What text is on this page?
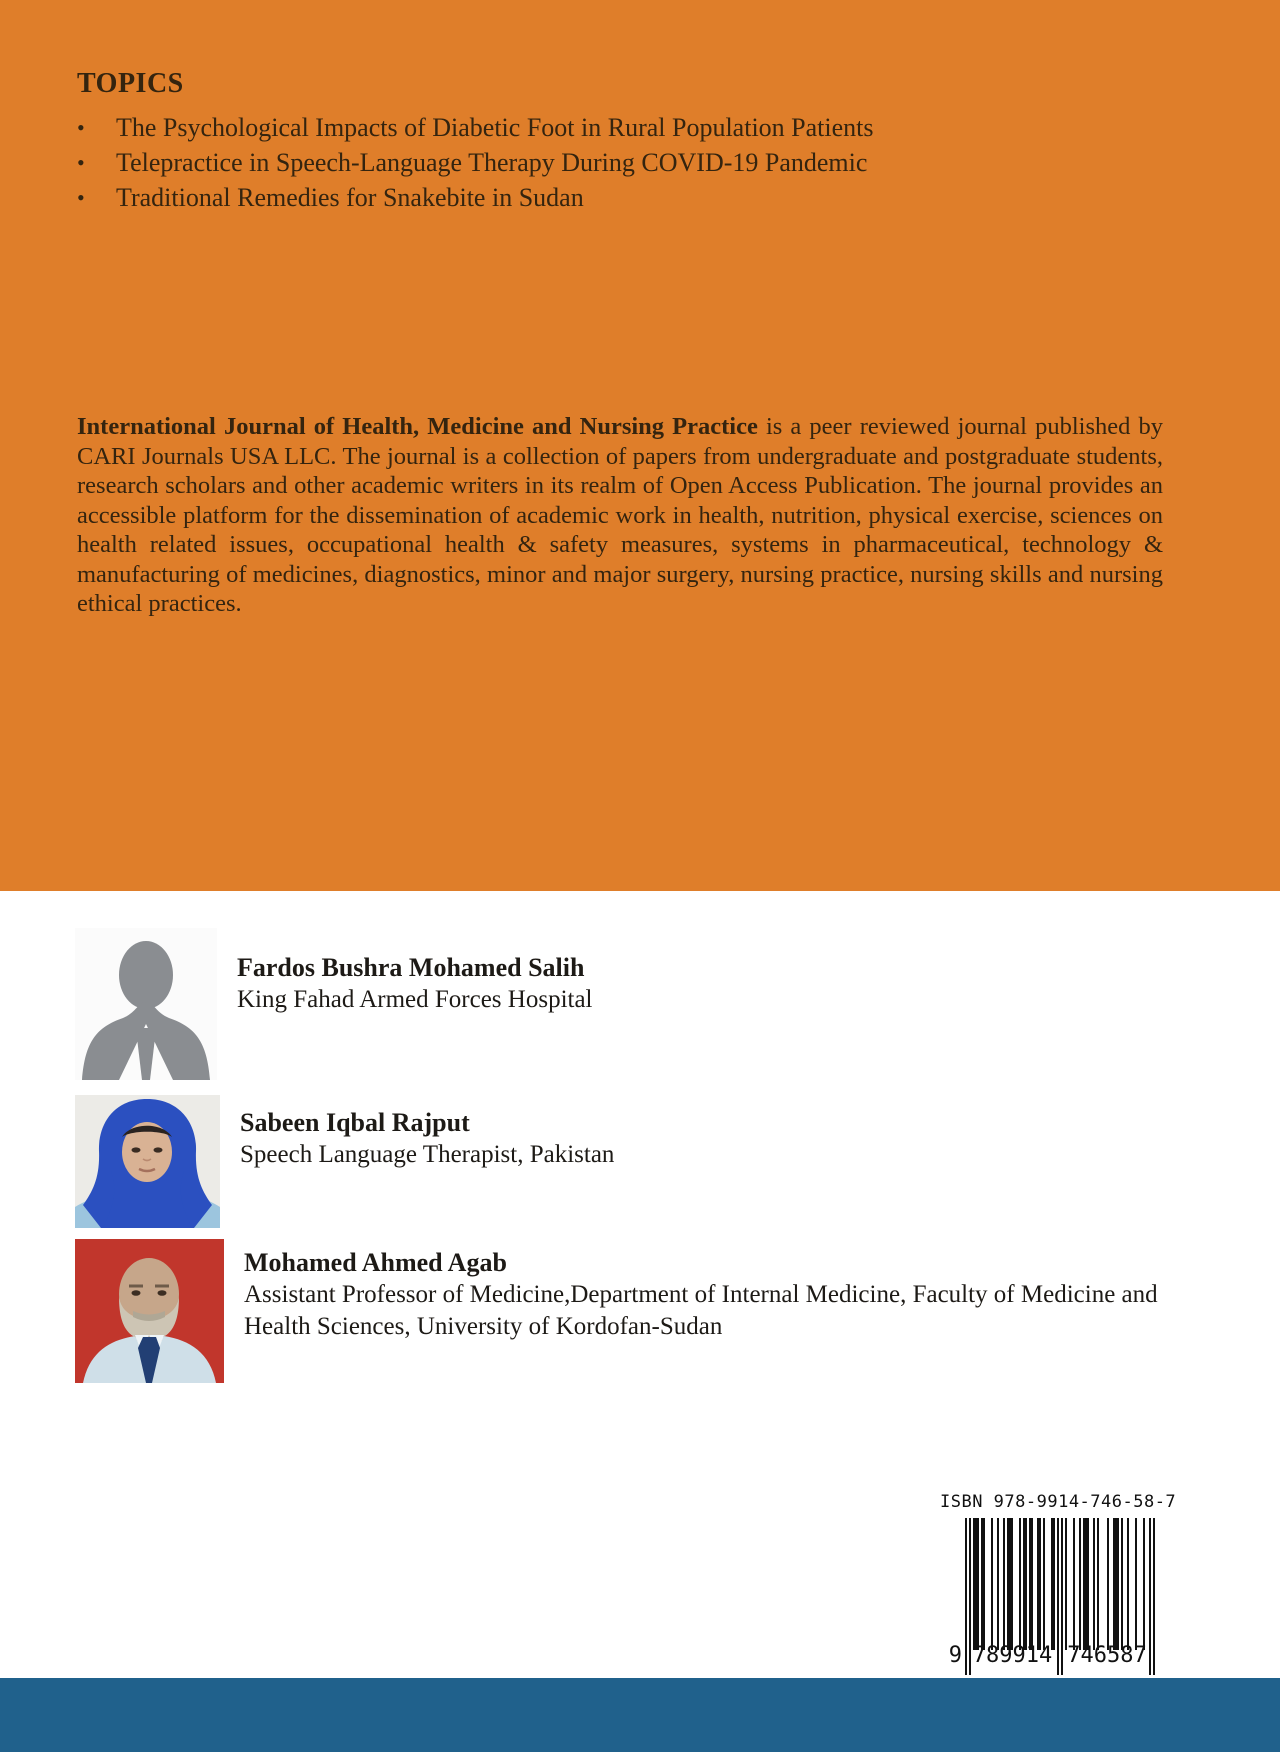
TOPICS
•	The Psychological Impacts of Diabetic Foot in Rural Population Patients
•	Telepractice in Speech-Language Therapy During COVID-19 Pandemic
•	Traditional Remedies for Snakebite in Sudan
International Journal of Health, Medicine and Nursing Practice is a peer reviewed journal published by CARI Journals USA LLC. The journal is a collection of papers from undergraduate and postgraduate students, research scholars and other academic writers in its realm of Open Access Publication. The journal provides an accessible platform for the dissemination of academic work in health, nutrition, physical exercise, sciences on health related issues, occupational health & safety measures, systems in pharmaceutical, technology & manufacturing of medicines, diagnostics, minor and major surgery, nursing practice, nursing skills and nursing ethical practices.
Fardos Bushra Mohamed Salih
King Fahad Armed Forces Hospital
Sabeen Iqbal Rajput
Speech Language Therapist, Pakistan
Mohamed Ahmed Agab
Assistant Professor of Medicine,Department of Internal Medicine, Faculty of Medicine and Health Sciences, University of Kordofan-Sudan
ISBN 978-9914-746-58-7
9 789914 746587
